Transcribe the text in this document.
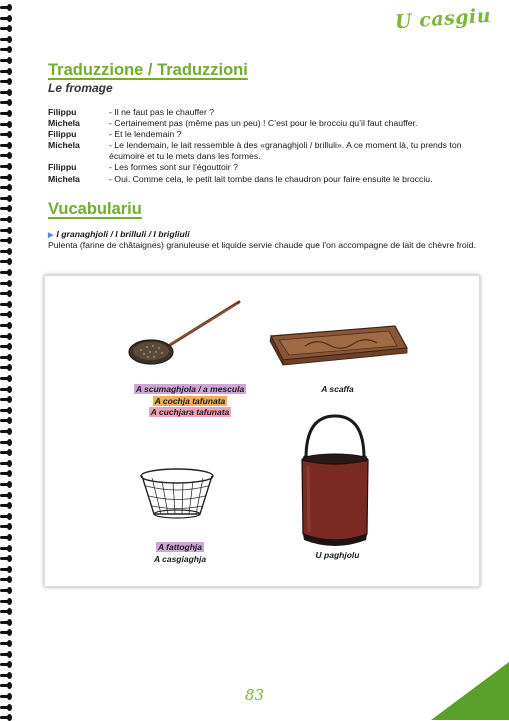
U casgiu
Traduzzione / Traduzzioni
Le fromage
Filippu	- Il ne faut pas le chauffer ?
Michela	- Certainement pas (même pas un peu) ! C’est pour le brocciu qu’il faut chauffer.
Filippu	- Et le lendemain ?
Michela	- Le lendemain, le lait ressemble à des «granaghjoli / brilluli». A ce moment là, tu prends ton écumoire et tu le mets dans les formes.
Filippu	- Les formes sont sur l’égouttoir ?
Michela	- Oui. Comme cela, le petit lait tombe dans le chaudron pour faire ensuite le brocciu.
Vucabulariu
▶ I granaghjoli / I brilluli / I brigliuli
Pulenta (farine de châtaignes) granuleuse et liquide servie chaude que l’on accompagne de lait de chèvre froid.
A scumaghjola / a mescula
A cochja tafunata
A cuchjara tafunata
A scaffa
A fattoghja
A casgiaghja	U paghjolu
83
